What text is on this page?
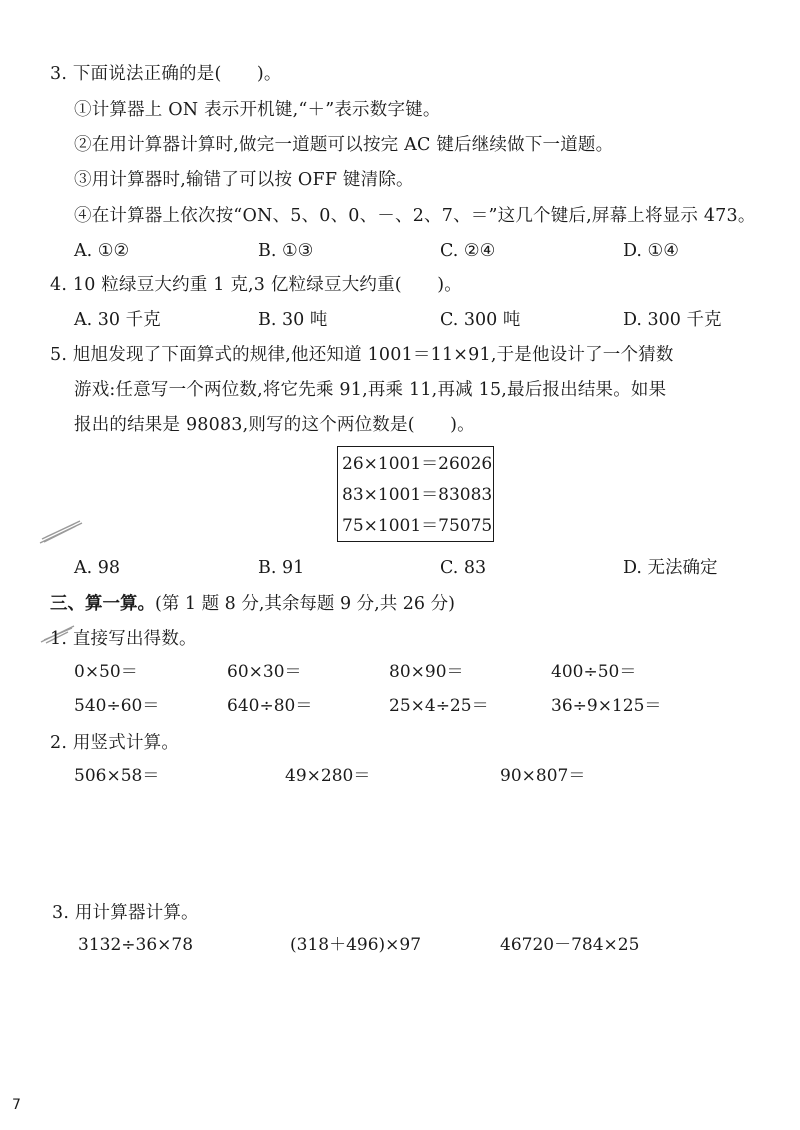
3. 下面说法正确的是(　　)。
①计算器上 ON 表示开机键,“＋”表示数字键。
②在用计算器计算时,做完一道题可以按完 AC 键后继续做下一道题。
③用计算器时,输错了可以按 OFF 键清除。
④在计算器上依次按“ON、5、0、0、－、2、7、＝”这几个键后,屏幕上将显示 473。
A. ①②	B. ①③	C. ②④	D. ①④
4. 10 粒绿豆大约重 1 克,3 亿粒绿豆大约重(　　)。
A. 30 千克	B. 30 吨	C. 300 吨	D. 300 千克
5. 旭旭发现了下面算式的规律,他还知道 1001＝11×91,于是他设计了一个猜数
游戏:任意写一个两位数,将它先乘 91,再乘 11,再减 15,最后报出结果。如果
报出的结果是 98083,则写的这个两位数是(　　)。
26×1001＝26026
83×1001＝83083
75×1001＝75075
A. 98	B. 91	C. 83	D. 无法确定
三、算一算。(第 1 题 8 分,其余每题 9 分,共 26 分)
1. 直接写出得数。
0×50＝	60×30＝	80×90＝	400÷50＝
540÷60＝	640÷80＝	25×4÷25＝	36÷9×125＝
2. 用竖式计算。
506×58＝	49×280＝	90×807＝
3. 用计算器计算。
3132÷36×78	(318＋496)×97	46720－784×25
7
